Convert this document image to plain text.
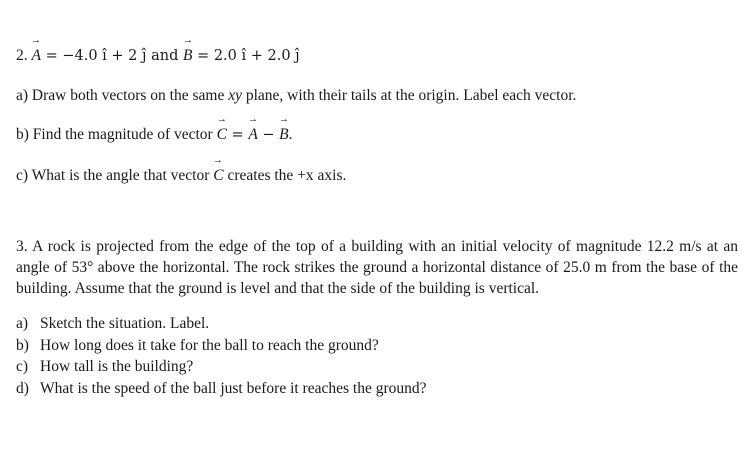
2. → A = −4.0 î + 2 ĵ and → B = 2.0 î + 2.0 ĵ
a) Draw both vectors on the same xy plane, with their tails at the origin. Label each vector.
b) Find the magnitude of vector → C = → A − → B.
c) What is the angle that vector → C creates the +x axis.
3. A rock is projected from the edge of the top of a building with an initial velocity of magnitude 12.2 m/s at an angle of 53° above the horizontal. The rock strikes the ground a horizontal distance of 25.0 m from the base of the building. Assume that the ground is level and that the side of the building is vertical.
a) Sketch the situation. Label.
b) How long does it take for the ball to reach the ground?
c) How tall is the building?
d) What is the speed of the ball just before it reaches the ground?
